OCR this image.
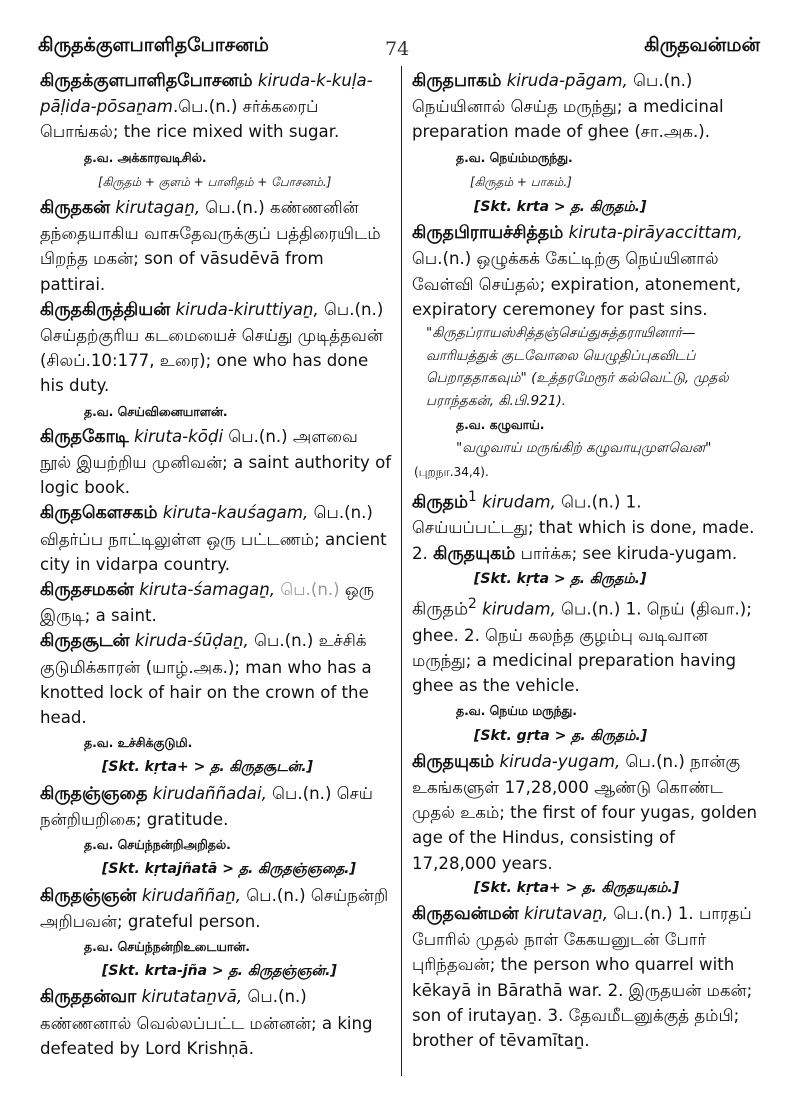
கிருதக்குளபாளிதபோசனம்	74	கிருதவன்மன்
கிருதக்குளபாளிதபோசனம் kiruda-k-kuḷa-pāḷida-pōsaṉam.பெ.(n.) சர்க்கரைப் பொங்கல்; the rice mixed with sugar.
த.வ. அக்காரவடிசில்.
[கிருதம் + குளம் + பாளிதம் + போசனம்.]
கிருதகன் kirutagaṉ, பெ.(n.) கண்ணனின் தந்தையாகிய வாசுதேவருக்குப் பத்திரையிடம் பிறந்த மகன்; son of vāsudēvā from pattirai.
கிருதகிருத்தியன் kiruda-kiruttiyaṉ, பெ.(n.) செய்தற்குரிய கடமையைச் செய்து முடித்தவன் (சிலப்.10:177, உரை); one who has done his duty.
த.வ. செய்வினையாளன்.
கிருதகோடி kiruta-kōḍi பெ.(n.) அளவை நூல் இயற்றிய முனிவன்; a saint authority of logic book.
கிருதகௌசகம் kiruta-kauśagam, பெ.(n.) விதர்ப்ப நாட்டிலுள்ள ஒரு பட்டணம்; ancient city in vidarpa country.
கிருதசமகன் kiruta-śamagaṉ, பெ.(n.) ஒரு இருடி; a saint.
கிருதசூடன் kiruda-śūḍaṉ, பெ.(n.) உச்சிக் குடுமிக்காரன் (யாழ்.அக.); man who has a knotted lock of hair on the crown of the head.
த.வ. உச்சிக்குடுமி.
[Skt. kṛta+ > த. கிருதசூடன்.]
கிருதஞ்ஞதை kirudaññadai, பெ.(n.) செய் நன்றியறிகை; gratitude.
த.வ. செய்ந்நன்றிஅறிதல்.
[Skt. kṛtajñatā > த. கிருதஞ்ஞதை.]
கிருதஞ்ஞன் kirudaññaṉ, பெ.(n.) செய்நன்றி அறிபவன்; grateful person.
த.வ. செய்ந்நன்றிஉடையான்.
[Skt. krta-jña > த. கிருதஞ்ஞன்.]
கிருததன்வா kirutataṉvā, பெ.(n.) கண்ணனால் வெல்லப்பட்ட மன்னன்; a king defeated by Lord Krishṇā.
கிருதபாகம் kiruda-pāgam, பெ.(n.) நெய்யினால் செய்த மருந்து; a medicinal preparation made of ghee (சா.அக.).
த.வ. நெய்ம்மருந்து.
[கிருதம் + பாகம்.]
[Skt. krta > த. கிருதம்.]
கிருதபிராயச்சித்தம் kiruta-pirāyaccittam, பெ.(n.) ஒழுக்கக் கேட்டிற்கு நெய்யினால் வேள்வி செய்தல்; expiration, atonement, expiratory ceremoney for past sins.
"கிருதப்ராயஸ்சித்தஞ்செய்துசுத்தராயினார்— வாரியத்துக் குடவோலை யெழுதிப்புகவிடப் பெறாததாகவும்" (உத்தரமேரூர் கல்வெட்டு, முதல் பராந்தகன், கி.பி.921).
த.வ. கழுவாய்.
"வழுவாய் மருங்கிற் கழுவாயுமுளவென"
(புறநா.34,4).
கிருதம்$^1$ kirudam, பெ.(n.) 1. செய்யப்பட்டது; that which is done, made. 2. கிருதயுகம் பார்க்க; see kiruda-yugam.
[Skt. kṛta > த. கிருதம்.]
கிருதம்$^2$ kirudam, பெ.(n.) 1. நெய் (திவா.); ghee. 2. நெய் கலந்த குழம்பு வடிவான மருந்து; a medicinal preparation having ghee as the vehicle.
த.வ. நெய்ம மருந்து.
[Skt. gṛta > த. கிருதம்.]
கிருதயுகம் kiruda-yugam, பெ.(n.) நான்கு உகங்களுள் 17,28,000 ஆண்டு கொண்ட முதல் உகம்; the first of four yugas, golden age of the Hindus, consisting of 17,28,000 years.
[Skt. kṛta+ > த. கிருதயுகம்.]
கிருதவன்மன் kirutavaṉ, பெ.(n.) 1. பாரதப் போரில் முதல் நாள் கேகயனுடன் போர் புரிந்தவன்; the person who quarrel with kēkayā in Bārathā war. 2. இருதயன் மகன்; son of irutayaṉ. 3. தேவமீடனுக்குத் தம்பி; brother of tēvamītaṉ.
